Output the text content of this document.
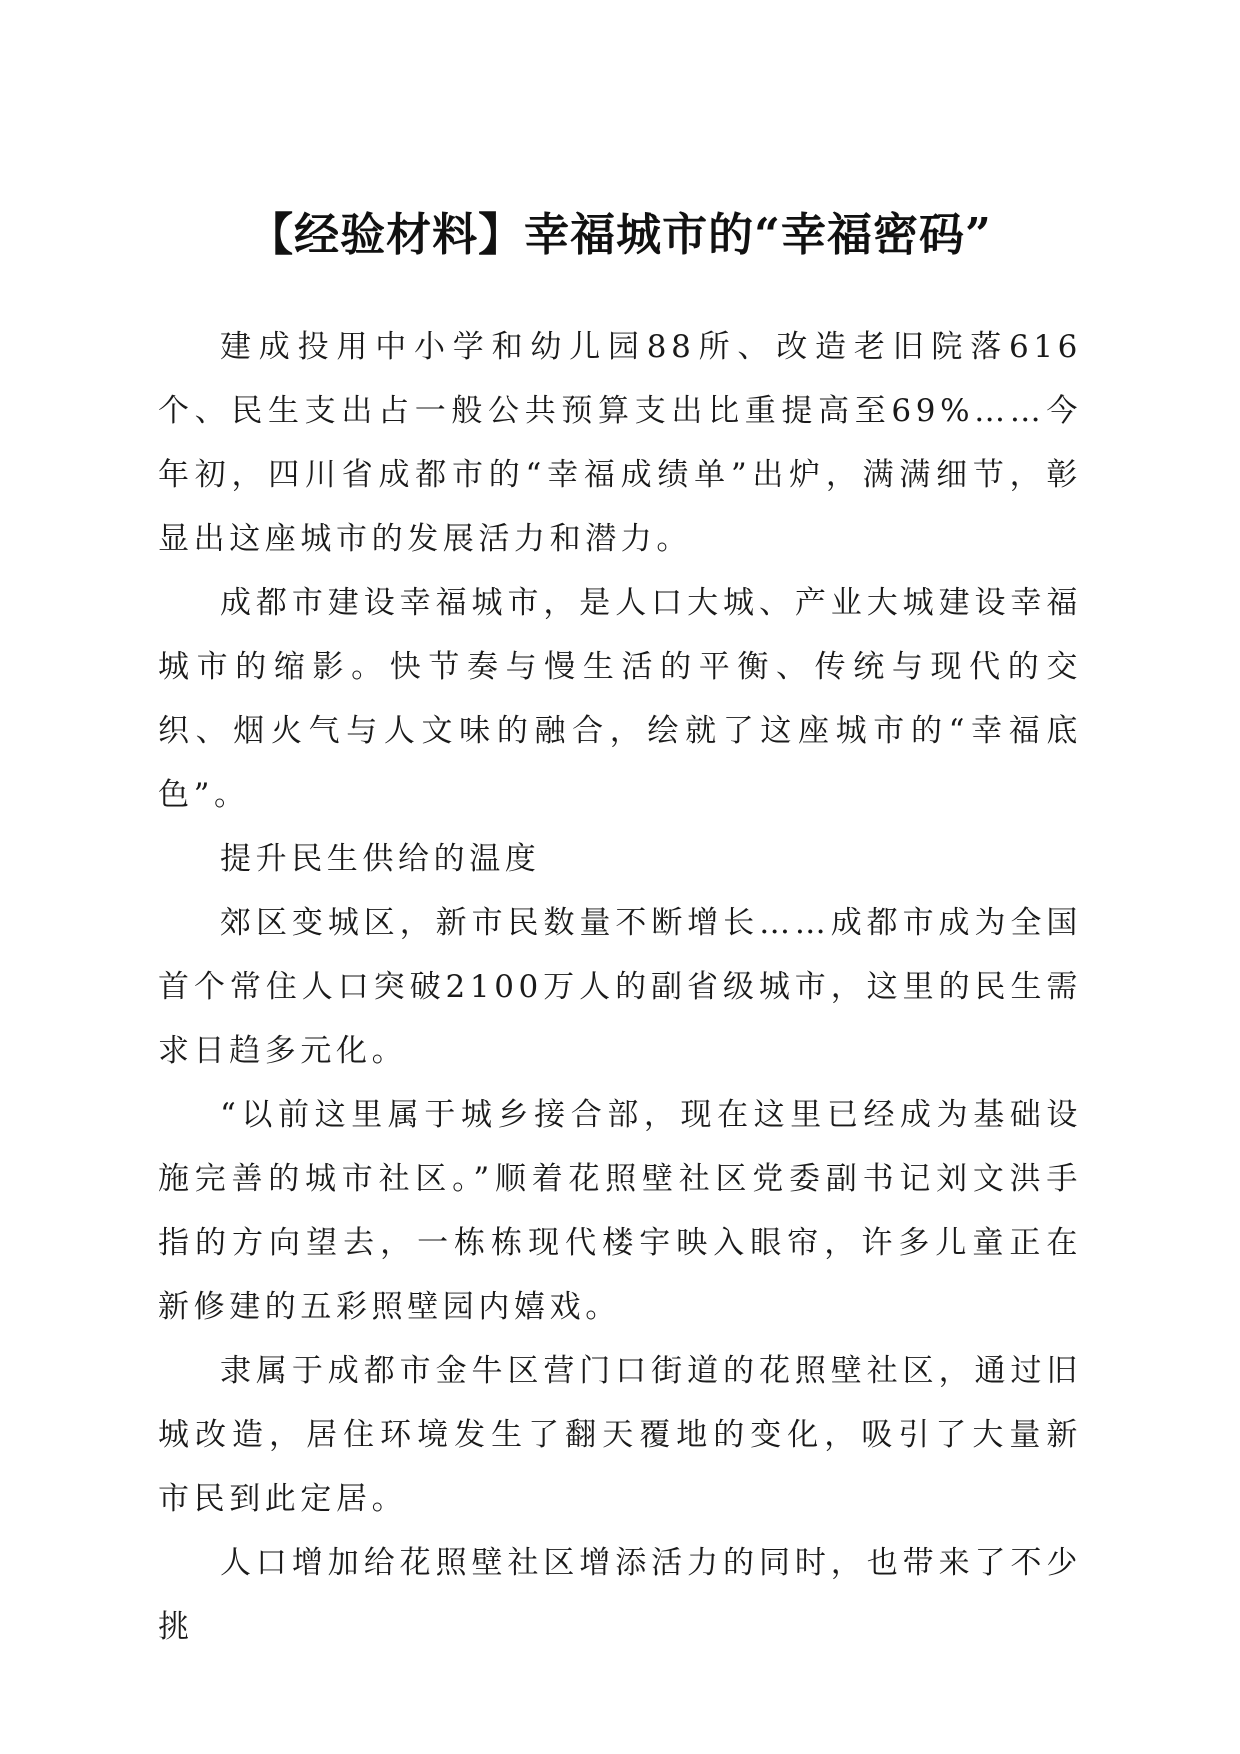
【经验材料】幸福城市的“幸福密码”

建成投用中小学和幼儿园88所、改造老旧院落616个、民生支出占一般公共预算支出比重提高至69%……今年初，四川省成都市的“幸福成绩单”出炉，满满细节，彰显出这座城市的发展活力和潜力。

成都市建设幸福城市，是人口大城、产业大城建设幸福城市的缩影。快节奏与慢生活的平衡、传统与现代的交织、烟火气与人文味的融合，绘就了这座城市的“幸福底色”。

提升民生供给的温度

郊区变城区，新市民数量不断增长……成都市成为全国首个常住人口突破2100万人的副省级城市，这里的民生需求日趋多元化。

“以前这里属于城乡接合部，现在这里已经成为基础设施完善的城市社区。”顺着花照壁社区党委副书记刘文洪手指的方向望去，一栋栋现代楼宇映入眼帘，许多儿童正在新修建的五彩照壁园内嬉戏。

隶属于成都市金牛区营门口街道的花照壁社区，通过旧城改造，居住环境发生了翻天覆地的变化，吸引了大量新市民到此定居。

人口增加给花照壁社区增添活力的同时，也带来了不少挑
